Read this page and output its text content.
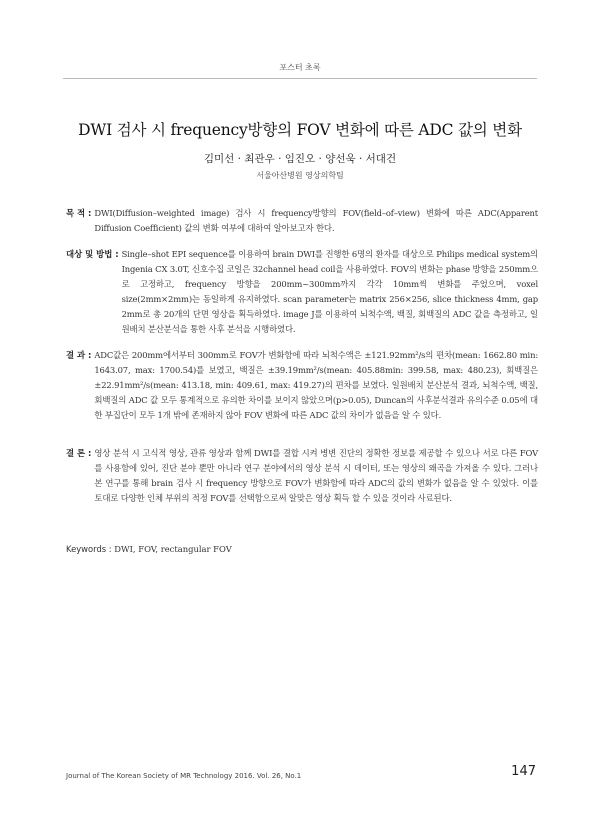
포스터 초록
DWI 검사 시 frequency방향의 FOV 변화에 따른 ADC 값의 변화
김미선 · 최관우 · 임진오 · 양선욱 · 서대건
서울아산병원 영상의학팀
목 적 : DWI(Diffusion–weighted image) 검사 시 frequency방향의 FOV(field–of–view) 변화에 따른 ADC(Apparent Diffusion Coefficient) 값의 변화 여부에 대하여 알아보고자 한다.
대상 및 방법 : Single–shot EPI sequence를 이용하여 brain DWI를 진행한 6명의 환자를 대상으로 Philips medical system의 Ingenia CX 3.0T, 신호수집 코일은 32channel head coil을 사용하였다. FOV의 변화는 phase 방향을 250mm으로 고정하고, frequency 방향을 200mm~300mm까지 각각 10mm씩 변화를 주었으며, voxel size(2mm×2mm)는 동일하게 유지하였다. scan parameter는 matrix 256×256, slice thickness 4mm, gap 2mm로 총 20개의 단면 영상을 획득하였다. image J를 이용하여 뇌척수액, 백질, 회백질의 ADC 값을 측정하고, 일원배치 분산분석을 통한 사후 분석을 시행하였다.
결 과 : ADC값은 200mm에서부터 300mm로 FOV가 변화함에 따라 뇌척수액은 ±121.92mm²/s의 편차(mean: 1662.80 min: 1643.07, max: 1700.54)를 보였고, 백질은 ±39.19mm²/s(mean: 405.88min: 399.58, max: 480.23), 회백질은 ±22.91mm²/s(mean: 413.18, min: 409.61, max: 419.27)의 편차를 보였다. 일원배치 분산분석 결과, 뇌척수액, 백질, 회백질의 ADC 값 모두 통계적으로 유의한 차이를 보이지 않았으며(p>0.05), Duncan의 사후분석결과 유의수준 0.05에 대한 부집단이 모두 1개 밖에 존재하지 않아 FOV 변화에 따른 ADC 값의 차이가 없음을 알 수 있다.
결 론 : 영상 분석 시 고식적 영상, 관류 영상과 함께 DWI를 결합 시켜 병변 진단의 정확한 정보를 제공할 수 있으나 서로 다른 FOV를 사용함에 있어, 진단 분야 뿐만 아니라 연구 분야에서의 영상 분석 시 데이터, 또는 영상의 왜곡을 가져올 수 있다. 그러나 본 연구를 통해 brain 검사 시 frequency 방향으로 FOV가 변화함에 따라 ADC의 값의 변화가 없음을 알 수 있었다. 이를 토대로 다양한 인체 부위의 적정 FOV를 선택함으로써 알맞은 영상 획득 할 수 있을 것이라 사료된다.
Keywords : DWI, FOV, rectangular FOV
Journal of The Korean Society of MR Technology 2016. Vol. 26, No.1	147
